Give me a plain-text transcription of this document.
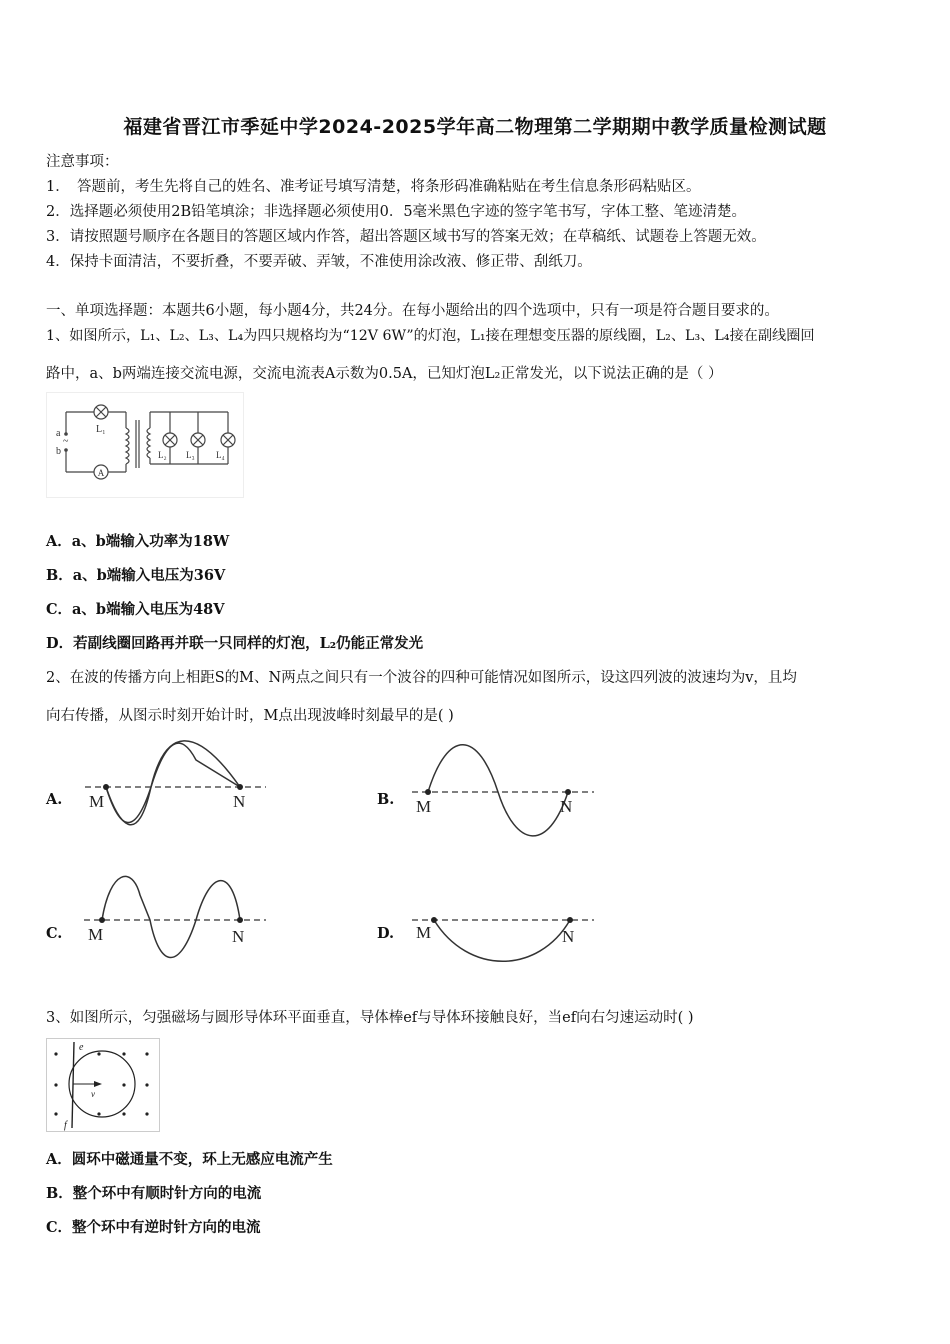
福建省晋江市季延中学2024-2025学年高二物理第二学期期中教学质量检测试题
注意事项：
1．　答题前，考生先将自己的姓名、准考证号填写清楚，将条形码准确粘贴在考生信息条形码粘贴区。
2．选择题必须使用2B铅笔填涂；非选择题必须使用0．5毫米黑色字迹的签字笔书写，字体工整、笔迹清楚。
3．请按照题号顺序在各题目的答题区域内作答，超出答题区域书写的答案无效；在草稿纸、试题卷上答题无效。
4．保持卡面清洁，不要折叠，不要弄破、弄皱，不准使用涂改液、修正带、刮纸刀。
一、单项选择题：本题共6小题，每小题4分，共24分。在每小题给出的四个选项中，只有一项是符合题目要求的。
1、如图所示，L₁、L₂、L₃、L₄为四只规格均为“12V 6W”的灯泡，L₁接在理想变压器的原线圈，L₂、L₃、L₄接在副线圈回
路中，a、b两端连接交流电源，交流电流表A示数为0.5A，已知灯泡L₂正常发光，以下说法正确的是（ ）
A
L₁
L₂ L₃ L₄
a
~
b
A．a、b端输入功率为18W
B．a、b端输入电压为36V
C．a、b端输入电压为48V
D．若副线圈回路再并联一只同样的灯泡，L₂仍能正常发光
2、在波的传播方向上相距S的M、N两点之间只有一个波谷的四种可能情况如图所示，设这四列波的波速均为v，且均
向右传播，从图示时刻开始计时，M点出现波峰时刻最早的是( )
A. M	N	B. M	N
C. M	N	D. M	N
3、如图所示，匀强磁场与圆形导体环平面垂直，导体棒ef与导体环接触良好，当ef向右匀速运动时( )
e
f
v
A．圆环中磁通量不变，环上无感应电流产生
B．整个环中有顺时针方向的电流
C．整个环中有逆时针方向的电流
